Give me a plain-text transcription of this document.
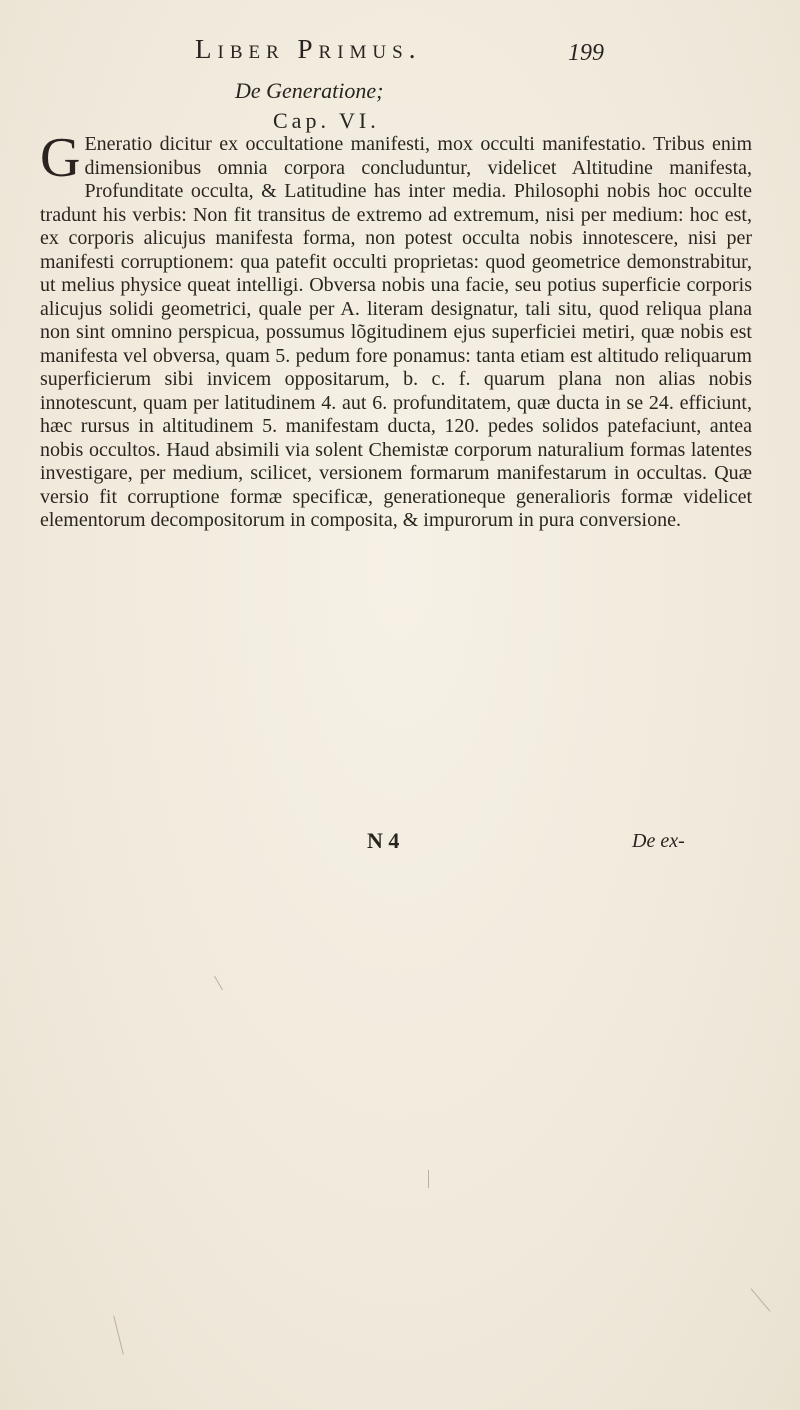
Liber Primus.	199
De Generatione;
Cap. VI.
G Eneratio dicitur ex occultatione manifesti, mox occulti manifestatio. Tribus enim dimensionibus omnia corpora concluduntur, videlicet Altitudine manifesta, Profunditate occulta, & Latitudine has inter media. Philosophi nobis hoc occulte tradunt his verbis: Non fit transitus de extremo ad extremum, nisi per medium: hoc est, ex corporis alicujus manifesta forma, non potest occulta nobis innotescere, nisi per manifesti corruptionem: qua patefit occulti proprietas: quod geometrice demonstrabitur, ut melius physice queat intelligi. Obversa nobis una facie, seu potius superficie corporis alicujus solidi geometrici, quale per A. literam designatur, tali situ, quod reliqua plana non sint omnino perspicua, possumus lõgitudinem ejus superficiei metiri, quæ nobis est manifesta vel obversa, quam 5. pedum fore ponamus: tanta etiam est altitudo reliquarum superficierum sibi invicem oppositarum, b. c. f. quarum plana non alias nobis innotescunt, quam per latitudinem 4. aut 6. profunditatem, quæ ducta in se 24. efficiunt, hæc rursus in altitudinem 5. manifestam ducta, 120. pedes solidos patefaciunt, antea nobis occultos. Haud absimili via solent Chemistæ corporum naturalium formas latentes investigare, per medium, scilicet, versionem formarum manifestarum in occultas. Quæ versio fit corruptione formæ specificæ, generationeque generalioris formæ videlicet elementorum decompositorum in composita, & impurorum in pura conversione.
N 4	De ex-
